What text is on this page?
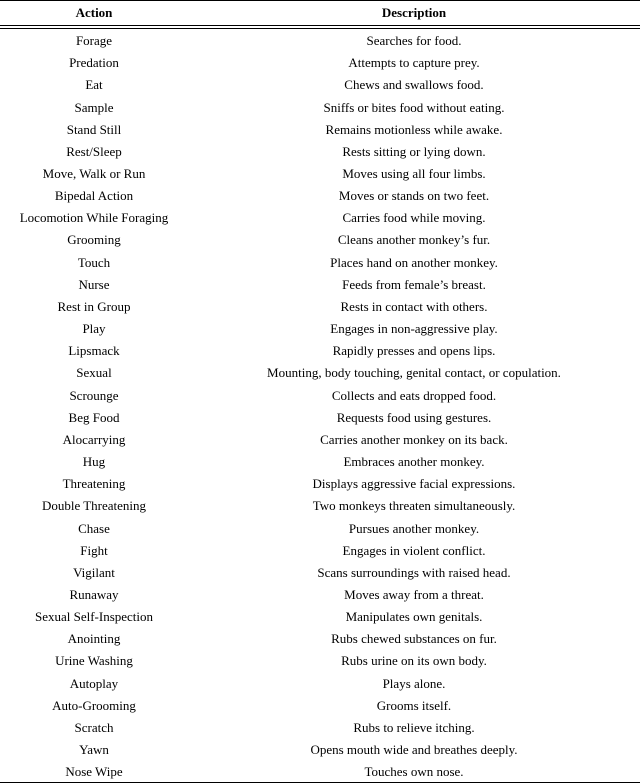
Action	Description

Forage	Searches for food.
Predation	Attempts to capture prey.
Eat	Chews and swallows food.
Sample	Sniffs or bites food without eating.
Stand Still	Remains motionless while awake.
Rest/Sleep	Rests sitting or lying down.
Move, Walk or Run	Moves using all four limbs.
Bipedal Action	Moves or stands on two feet.
Locomotion While Foraging	Carries food while moving.
Grooming	Cleans another monkey’s fur.
Touch	Places hand on another monkey.
Nurse	Feeds from female’s breast.
Rest in Group	Rests in contact with others.
Play	Engages in non-aggressive play.
Lipsmack	Rapidly presses and opens lips.
Sexual	Mounting, body touching, genital contact, or copulation.
Scrounge	Collects and eats dropped food.
Beg Food	Requests food using gestures.
Alocarrying	Carries another monkey on its back.
Hug	Embraces another monkey.
Threatening	Displays aggressive facial expressions.
Double Threatening	Two monkeys threaten simultaneously.
Chase	Pursues another monkey.
Fight	Engages in violent conflict.
Vigilant	Scans surroundings with raised head.
Runaway	Moves away from a threat.
Sexual Self-Inspection	Manipulates own genitals.
Anointing	Rubs chewed substances on fur.
Urine Washing	Rubs urine on its own body.
Autoplay	Plays alone.
Auto-Grooming	Grooms itself.
Scratch	Rubs to relieve itching.
Yawn	Opens mouth wide and breathes deeply.
Nose Wipe	Touches own nose.
